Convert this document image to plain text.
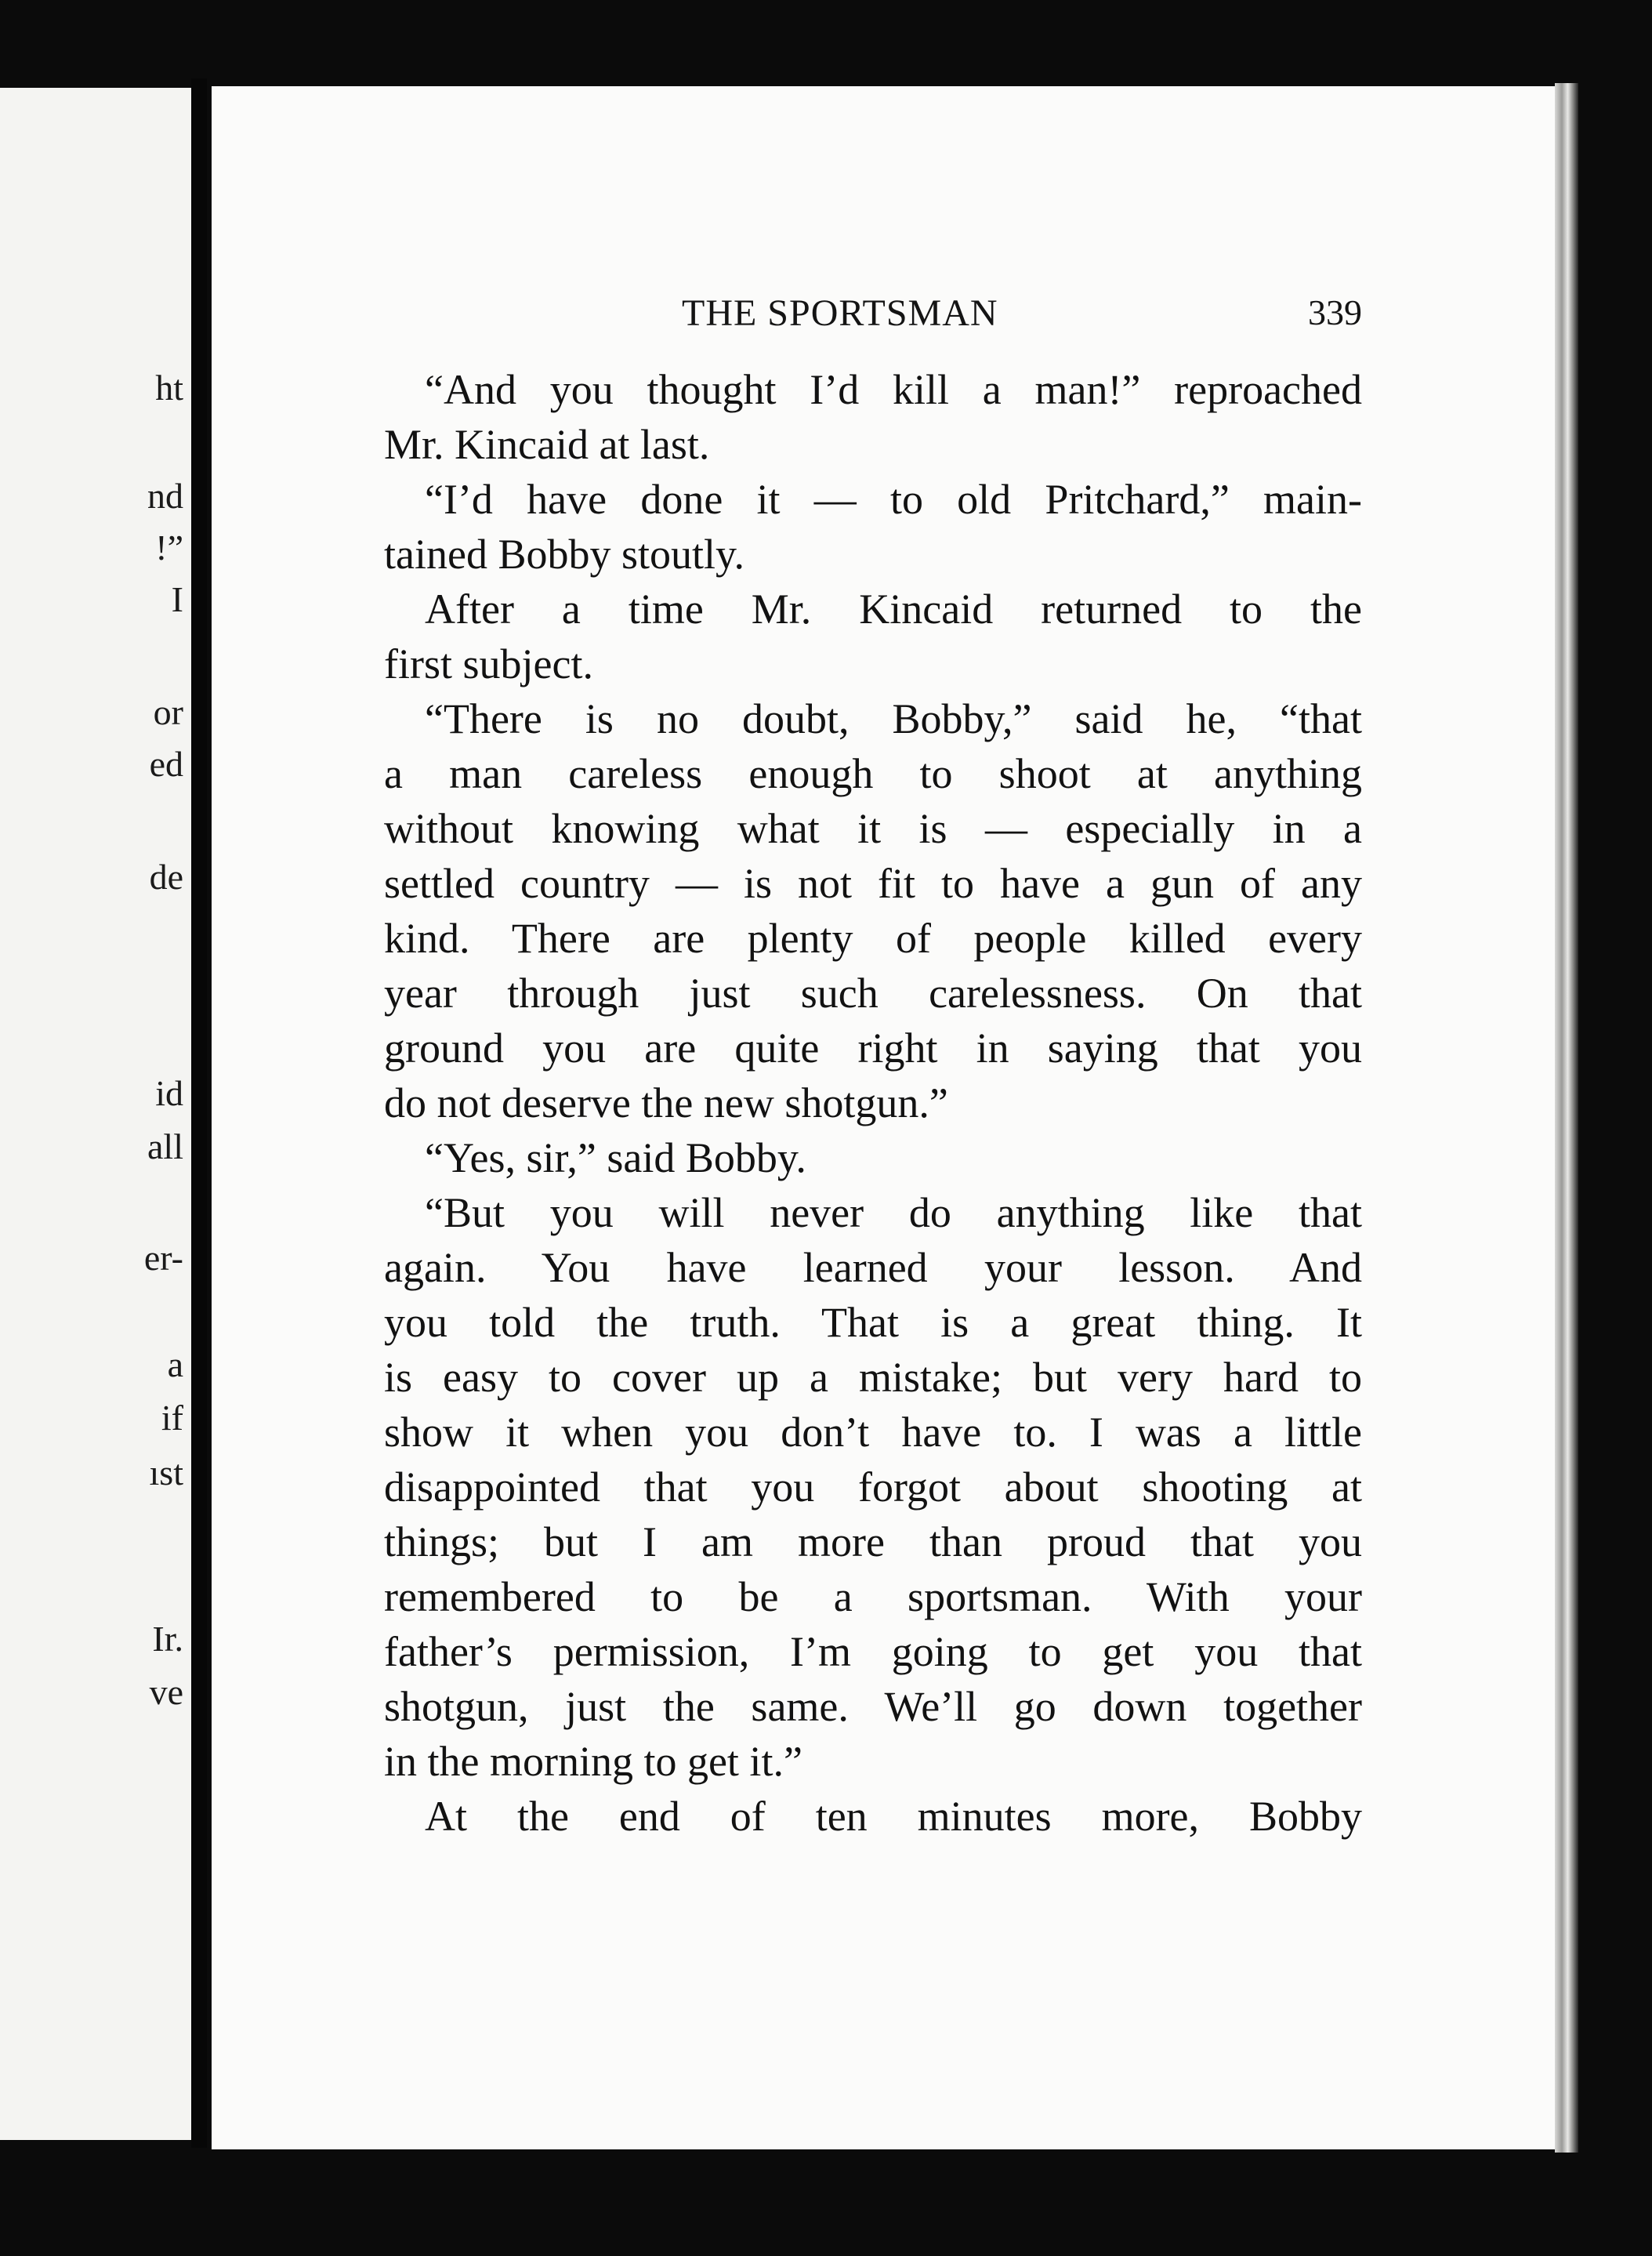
ht
nd
!”
I
or
ed
de
id
all
er-
a
if
ıst
Ir.
ve
THE SPORTSMAN	339
“And you thought I’d kill a man!” reproached
Mr. Kincaid at last.
“I’d have done it — to old Pritchard,” main-
tained Bobby stoutly.
After a time Mr. Kincaid returned to the
first subject.
“There is no doubt, Bobby,” said he, “that
a man careless enough to shoot at anything
without knowing what it is — especially in a
settled country — is not fit to have a gun of any
kind. There are plenty of people killed every
year through just such carelessness. On that
ground you are quite right in saying that you
do not deserve the new shotgun.”
“Yes, sir,” said Bobby.
“But you will never do anything like that
again. You have learned your lesson. And
you told the truth. That is a great thing. It
is easy to cover up a mistake; but very hard to
show it when you don’t have to. I was a little
disappointed that you forgot about shooting at
things; but I am more than proud that you
remembered to be a sportsman. With your
father’s permission, I’m going to get you that
shotgun, just the same. We’ll go down together
in the morning to get it.”
At the end of ten minutes more, Bobby
